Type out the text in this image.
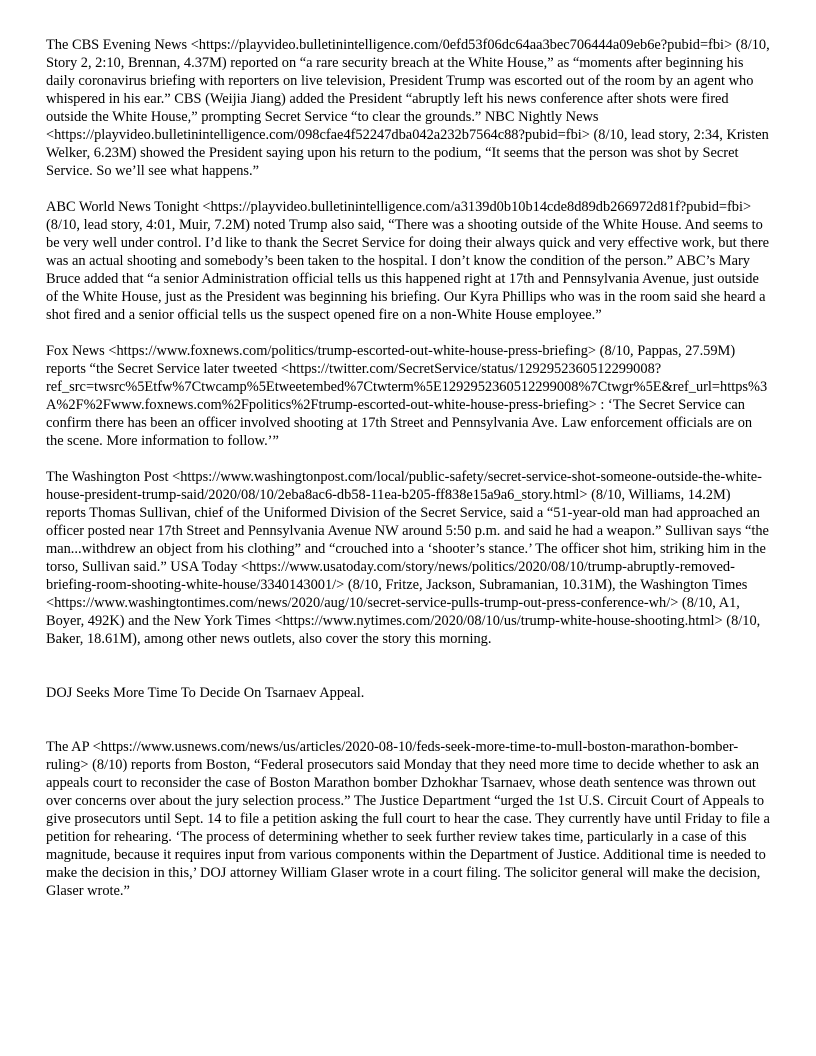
The CBS Evening News <https://playvideo.bulletinintelligence.com/0efd53f06dc64aa3bec706444a09eb6e?pubid=fbi> (8/10, Story 2, 2:10, Brennan, 4.37M) reported on “a rare security breach at the White House,” as “moments after beginning his daily coronavirus briefing with reporters on live television, President Trump was escorted out of the room by an agent who whispered in his ear.” CBS (Weijia Jiang) added the President “abruptly left his news conference after shots were fired outside the White House,” prompting Secret Service “to clear the grounds.” NBC Nightly News <https://playvideo.bulletinintelligence.com/098cfae4f52247dba042a232b7564c88?pubid=fbi> (8/10, lead story, 2:34, Kristen Welker, 6.23M) showed the President saying upon his return to the podium, “It seems that the person was shot by Secret Service. So we’ll see what happens.”

ABC World News Tonight <https://playvideo.bulletinintelligence.com/a3139d0b10b14cde8d89db266972d81f?pubid=fbi> (8/10, lead story, 4:01, Muir, 7.2M) noted Trump also said, “There was a shooting outside of the White House. And seems to be very well under control. I’d like to thank the Secret Service for doing their always quick and very effective work, but there was an actual shooting and somebody’s been taken to the hospital. I don’t know the condition of the person.” ABC’s Mary Bruce added that “a senior Administration official tells us this happened right at 17th and Pennsylvania Avenue, just outside of the White House, just as the President was beginning his briefing. Our Kyra Phillips who was in the room said she heard a shot fired and a senior official tells us the suspect opened fire on a non-White House employee.”

Fox News <https://www.foxnews.com/politics/trump-escorted-out-white-house-press-briefing> (8/10, Pappas, 27.59M) reports “the Secret Service later tweeted <https://twitter.com/SecretService/status/1292952360512299008?ref_src=twsrc%5Etfw%7Ctwcamp%5Etweetembed%7Ctwterm%5E1292952360512299008%7Ctwgr%5E&ref_url=https%3A%2F%2Fwww.foxnews.com%2Fpolitics%2Ftrump-escorted-out-white-house-press-briefing> : ‘The Secret Service can confirm there has been an officer involved shooting at 17th Street and Pennsylvania Ave. Law enforcement officials are on the scene. More information to follow.’”

The Washington Post <https://www.washingtonpost.com/local/public-safety/secret-service-shot-someone-outside-the-white-house-president-trump-said/2020/08/10/2eba8ac6-db58-11ea-b205-ff838e15a9a6_story.html> (8/10, Williams, 14.2M) reports Thomas Sullivan, chief of the Uniformed Division of the Secret Service, said a “51-year-old man had approached an officer posted near 17th Street and Pennsylvania Avenue NW around 5:50 p.m. and said he had a weapon.” Sullivan says “the man...withdrew an object from his clothing” and “crouched into a ‘shooter’s stance.’ The officer shot him, striking him in the torso, Sullivan said.” USA Today <https://www.usatoday.com/story/news/politics/2020/08/10/trump-abruptly-removed-briefing-room-shooting-white-house/3340143001/> (8/10, Fritze, Jackson, Subramanian, 10.31M), the Washington Times <https://www.washingtontimes.com/news/2020/aug/10/secret-service-pulls-trump-out-press-conference-wh/> (8/10, A1, Boyer, 492K) and the New York Times <https://www.nytimes.com/2020/08/10/us/trump-white-house-shooting.html> (8/10, Baker, 18.61M), among other news outlets, also cover the story this morning.

DOJ Seeks More Time To Decide On Tsarnaev Appeal.

The AP <https://www.usnews.com/news/us/articles/2020-08-10/feds-seek-more-time-to-mull-boston-marathon-bomber-ruling> (8/10) reports from Boston, “Federal prosecutors said Monday that they need more time to decide whether to ask an appeals court to reconsider the case of Boston Marathon bomber Dzhokhar Tsarnaev, whose death sentence was thrown out over concerns over about the jury selection process.” The Justice Department “urged the 1st U.S. Circuit Court of Appeals to give prosecutors until Sept. 14 to file a petition asking the full court to hear the case. They currently have until Friday to file a petition for rehearing. ‘The process of determining whether to seek further review takes time, particularly in a case of this magnitude, because it requires input from various components within the Department of Justice. Additional time is needed to make the decision in this,’ DOJ attorney William Glaser wrote in a court filing. The solicitor general will make the decision, Glaser wrote.”
